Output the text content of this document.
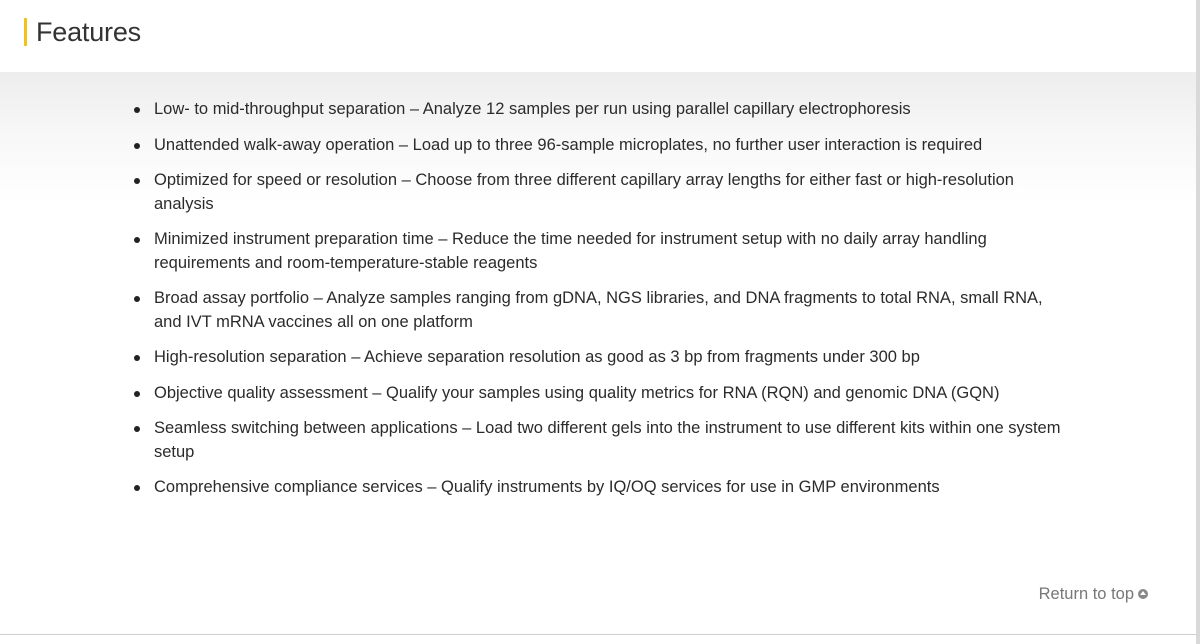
Features
Low- to mid-throughput separation – Analyze 12 samples per run using parallel capillary electrophoresis
Unattended walk-away operation – Load up to three 96-sample microplates, no further user interaction is required
Optimized for speed or resolution – Choose from three different capillary array lengths for either fast or high-resolution analysis
Minimized instrument preparation time – Reduce the time needed for instrument setup with no daily array handling requirements and room-temperature-stable reagents
Broad assay portfolio – Analyze samples ranging from gDNA, NGS libraries, and DNA fragments to total RNA, small RNA, and IVT mRNA vaccines all on one platform
High-resolution separation – Achieve separation resolution as good as 3 bp from fragments under 300 bp
Objective quality assessment – Qualify your samples using quality metrics for RNA (RQN) and genomic DNA (GQN)
Seamless switching between applications – Load two different gels into the instrument to use different kits within one system setup
Comprehensive compliance services – Qualify instruments by IQ/OQ services for use in GMP environments
Return to top
